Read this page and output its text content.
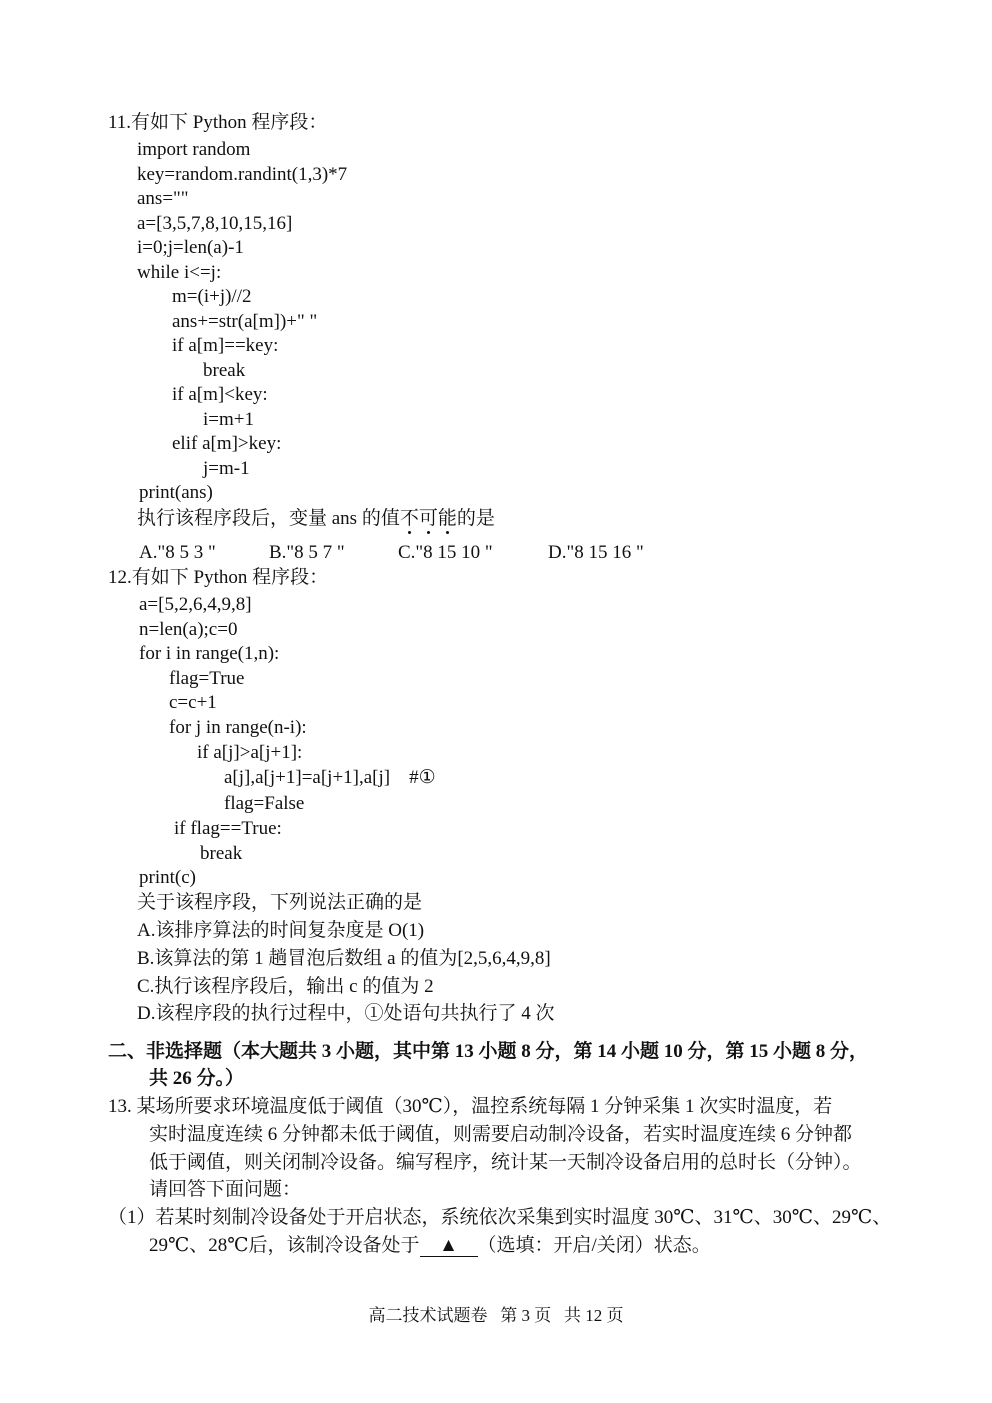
11.有如下 Python 程序段：
import random
key=random.randint(1,3)*7
ans=""
a=[3,5,7,8,10,15,16]
i=0;j=len(a)-1
while i<=j:
m=(i+j)//2
ans+=str(a[m])+" "
if a[m]==key:
break
if a[m]<key:
i=m+1
elif a[m]>key:
j=m-1
print(ans)
执行该程序段后，变量 ans 的值不可能的是
A."8 5 3 "	B."8 5 7 "	C."8 15 10 "	D."8 15 16 "
12.有如下 Python 程序段：
a=[5,2,6,4,9,8]
n=len(a);c=0
for i in range(1,n):
flag=True
c=c+1
for j in range(n-i):
if a[j]>a[j+1]:
a[j],a[j+1]=a[j+1],a[j]    #①
flag=False
if flag==True:
break
print(c)
关于该程序段，下列说法正确的是
A.该排序算法的时间复杂度是 O(1)
B.该算法的第 1 趟冒泡后数组 a 的值为[2,5,6,4,9,8]
C.执行该程序段后，输出 c 的值为 2
D.该程序段的执行过程中，①处语句共执行了 4 次
二、非选择题（本大题共 3 小题，其中第 13 小题 8 分，第 14 小题 10 分，第 15 小题 8 分，
共 26 分。）
13. 某场所要求环境温度低于阈值（30℃），温控系统每隔 1 分钟采集 1 次实时温度，若
实时温度连续 6 分钟都未低于阈值，则需要启动制冷设备，若实时温度连续 6 分钟都
低于阈值，则关闭制冷设备。编写程序，统计某一天制冷设备启用的总时长（分钟）。
请回答下面问题：
（1）若某时刻制冷设备处于开启状态，系统依次采集到实时温度 30℃、31℃、30℃、29℃、
29℃、28℃后，该制冷设备处于 ▲ （选填：开启/关闭）状态。
高二技术试题卷   第 3 页   共 12 页
